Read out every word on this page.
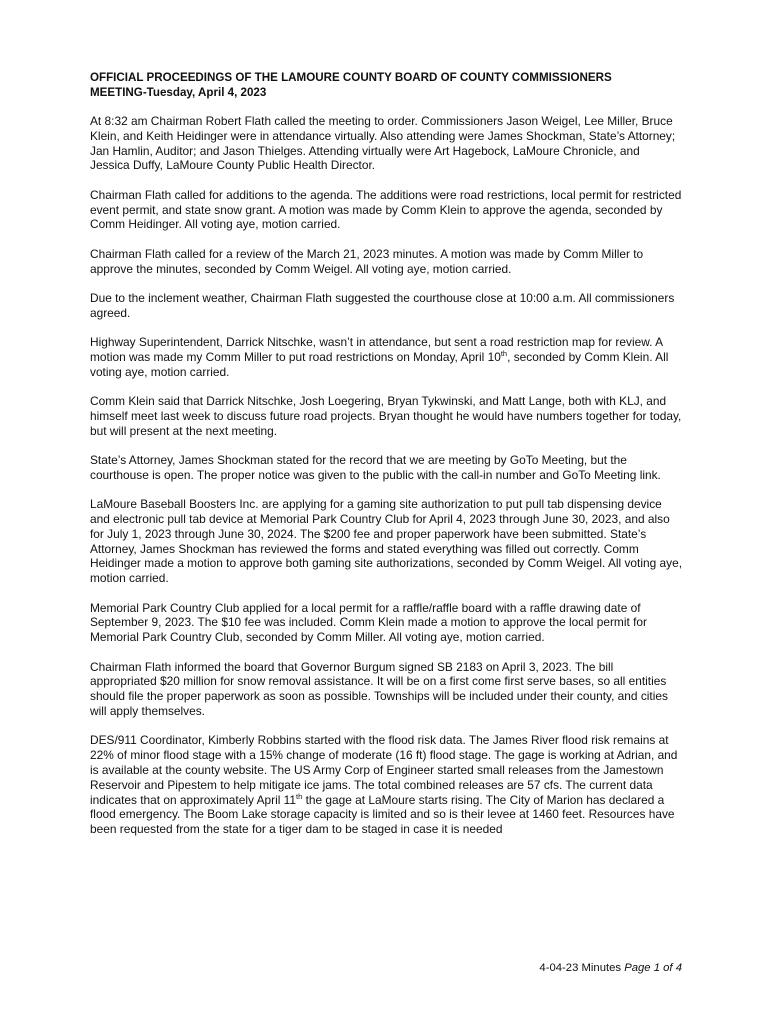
OFFICIAL PROCEEDINGS OF THE LAMOURE COUNTY BOARD OF COUNTY COMMISSIONERS
MEETING-Tuesday, April 4, 2023

At 8:32 am Chairman Robert Flath called the meeting to order. Commissioners Jason Weigel, Lee Miller, Bruce Klein, and Keith Heidinger were in attendance virtually. Also attending were James Shockman, State’s Attorney; Jan Hamlin, Auditor; and Jason Thielges. Attending virtually were Art Hagebock, LaMoure Chronicle, and Jessica Duffy, LaMoure County Public Health Director.

Chairman Flath called for additions to the agenda. The additions were road restrictions, local permit for restricted event permit, and state snow grant. A motion was made by Comm Klein to approve the agenda, seconded by Comm Heidinger. All voting aye, motion carried.

Chairman Flath called for a review of the March 21, 2023 minutes. A motion was made by Comm Miller to approve the minutes, seconded by Comm Weigel. All voting aye, motion carried.

Due to the inclement weather, Chairman Flath suggested the courthouse close at 10:00 a.m. All commissioners agreed.

Highway Superintendent, Darrick Nitschke, wasn’t in attendance, but sent a road restriction map for review. A motion was made my Comm Miller to put road restrictions on Monday, April 10th, seconded by Comm Klein. All voting aye, motion carried.

Comm Klein said that Darrick Nitschke, Josh Loegering, Bryan Tykwinski, and Matt Lange, both with KLJ, and himself meet last week to discuss future road projects. Bryan thought he would have numbers together for today, but will present at the next meeting.

State’s Attorney, James Shockman stated for the record that we are meeting by GoTo Meeting, but the courthouse is open. The proper notice was given to the public with the call-in number and GoTo Meeting link.

LaMoure Baseball Boosters Inc. are applying for a gaming site authorization to put pull tab dispensing device and electronic pull tab device at Memorial Park Country Club for April 4, 2023 through June 30, 2023, and also for July 1, 2023 through June 30, 2024. The $200 fee and proper paperwork have been submitted. State’s Attorney, James Shockman has reviewed the forms and stated everything was filled out correctly. Comm Heidinger made a motion to approve both gaming site authorizations, seconded by Comm Weigel. All voting aye, motion carried.

Memorial Park Country Club applied for a local permit for a raffle/raffle board with a raffle drawing date of September 9, 2023. The $10 fee was included. Comm Klein made a motion to approve the local permit for Memorial Park Country Club, seconded by Comm Miller. All voting aye, motion carried.

Chairman Flath informed the board that Governor Burgum signed SB 2183 on April 3, 2023. The bill appropriated $20 million for snow removal assistance. It will be on a first come first serve bases, so all entities should file the proper paperwork as soon as possible. Townships will be included under their county, and cities will apply themselves.

DES/911 Coordinator, Kimberly Robbins started with the flood risk data. The James River flood risk remains at 22% of minor flood stage with a 15% change of moderate (16 ft) flood stage. The gage is working at Adrian, and is available at the county website. The US Army Corp of Engineer started small releases from the Jamestown Reservoir and Pipestem to help mitigate ice jams. The total combined releases are 57 cfs. The current data indicates that on approximately April 11th the gage at LaMoure starts rising. The City of Marion has declared a flood emergency. The Boom Lake storage capacity is limited and so is their levee at 1460 feet. Resources have been requested from the state for a tiger dam to be staged in case it is needed

4-04-23 Minutes Page 1 of 4
